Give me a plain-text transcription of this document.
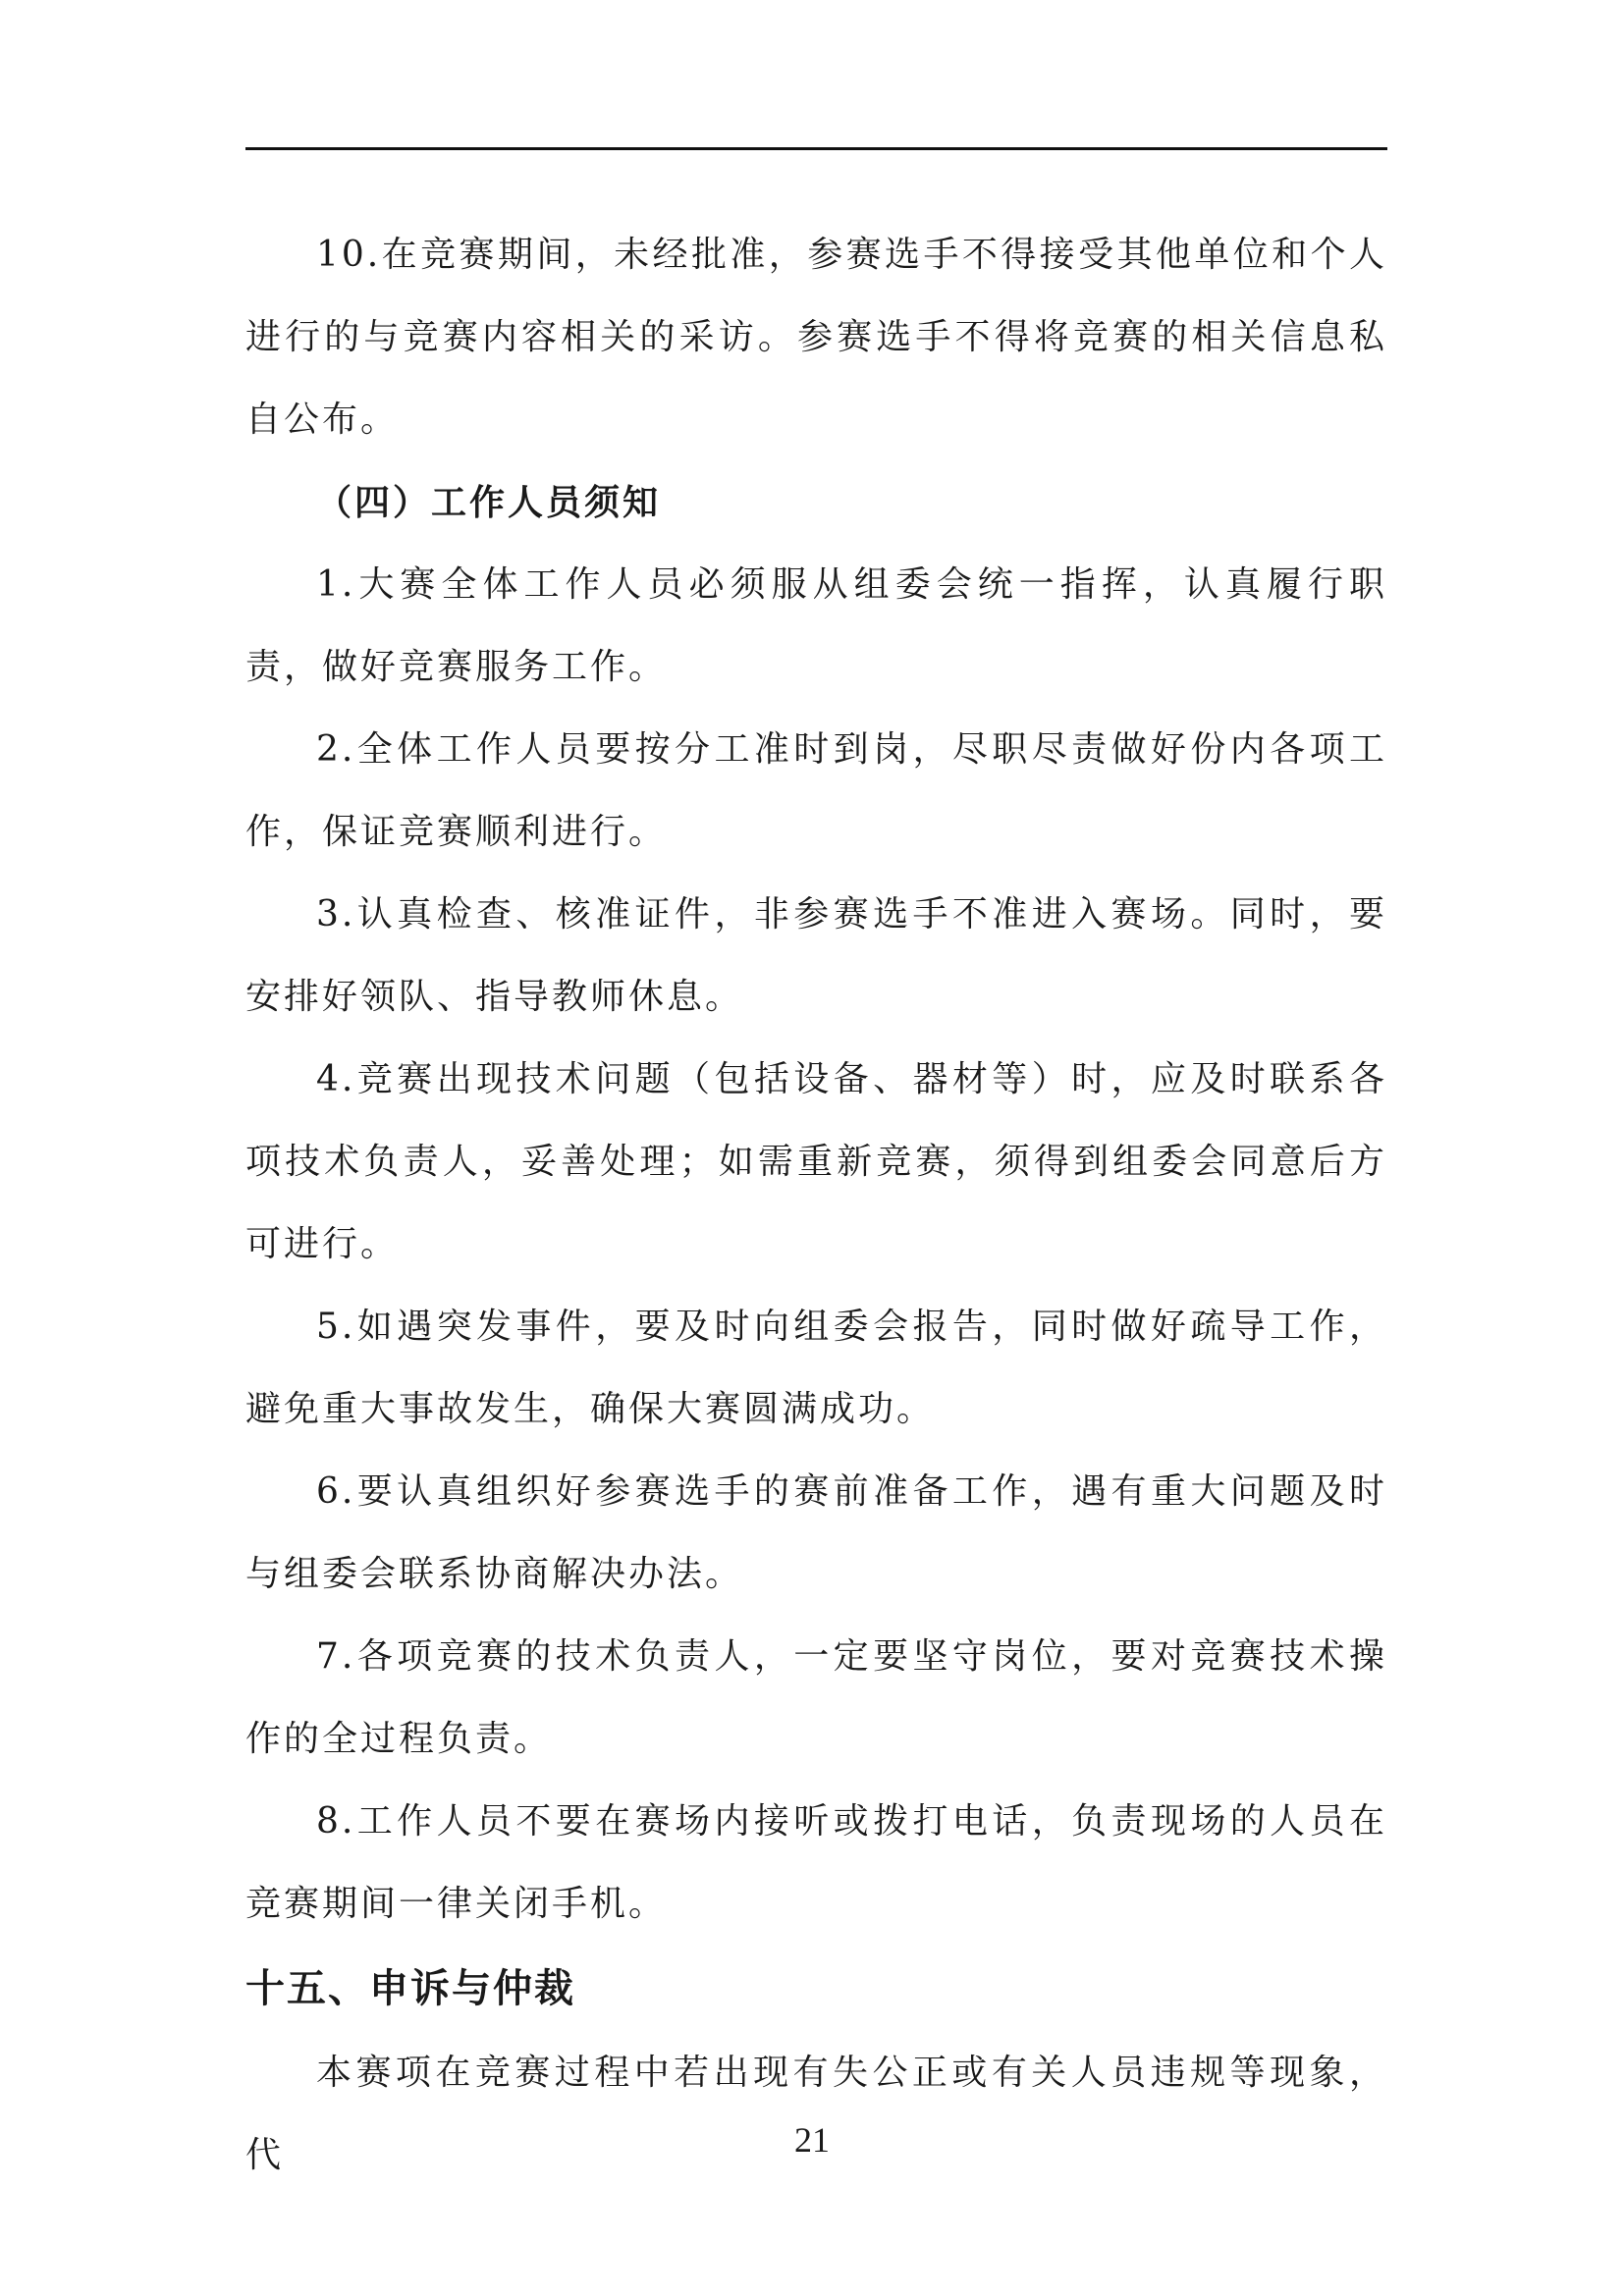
10.在竞赛期间，未经批准，参赛选手不得接受其他单位和个人进行的与竞赛内容相关的采访。参赛选手不得将竞赛的相关信息私自公布。

（四）工作人员须知

1.大赛全体工作人员必须服从组委会统一指挥，认真履行职责，做好竞赛服务工作。

2.全体工作人员要按分工准时到岗，尽职尽责做好份内各项工作，保证竞赛顺利进行。

3.认真检查、核准证件，非参赛选手不准进入赛场。同时，要安排好领队、指导教师休息。

4.竞赛出现技术问题（包括设备、器材等）时，应及时联系各项技术负责人，妥善处理；如需重新竞赛，须得到组委会同意后方可进行。

5.如遇突发事件，要及时向组委会报告，同时做好疏导工作，避免重大事故发生，确保大赛圆满成功。

6.要认真组织好参赛选手的赛前准备工作，遇有重大问题及时与组委会联系协商解决办法。

7.各项竞赛的技术负责人，一定要坚守岗位，要对竞赛技术操作的全过程负责。

8.工作人员不要在赛场内接听或拨打电话，负责现场的人员在竞赛期间一律关闭手机。

十五、申诉与仲裁

本赛项在竞赛过程中若出现有失公正或有关人员违规等现象，代	21
